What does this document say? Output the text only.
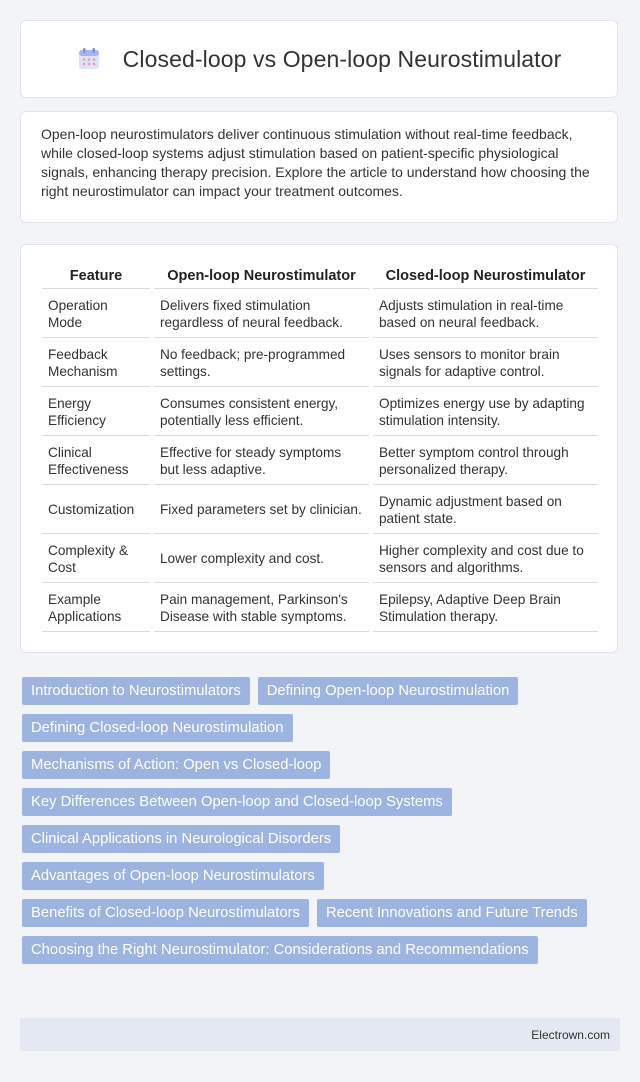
Closed-loop vs Open-loop Neurostimulator

Open-loop neurostimulators deliver continuous stimulation without real-time feedback, while closed-loop systems adjust stimulation based on patient-specific physiological signals, enhancing therapy precision. Explore the article to understand how choosing the right neurostimulator can impact your treatment outcomes.

Feature		Open-loop Neurostimulator		Closed-loop Neurostimulator
Operation Mode		Delivers fixed stimulation regardless of neural feedback.		Adjusts stimulation in real-time based on neural feedback.
Feedback Mechanism		No feedback; pre-programmed settings.		Uses sensors to monitor brain signals for adaptive control.
Energy Efficiency		Consumes consistent energy, potentially less efficient.		Optimizes energy use by adapting stimulation intensity.
Clinical Effectiveness		Effective for steady symptoms but less adaptive.		Better symptom control through personalized therapy.
Customization		Fixed parameters set by clinician.		Dynamic adjustment based on patient state.
Complexity & Cost		Lower complexity and cost.		Higher complexity and cost due to sensors and algorithms.
Example Applications		Pain management, Parkinson's Disease with stable symptoms.		Epilepsy, Adaptive Deep Brain Stimulation therapy.
Introduction to Neurostimulators	Defining Open-loop Neurostimulation
Defining Closed-loop Neurostimulation
Mechanisms of Action: Open vs Closed-loop
Key Differences Between Open-loop and Closed-loop Systems
Clinical Applications in Neurological Disorders
Advantages of Open-loop Neurostimulators
Benefits of Closed-loop Neurostimulators	Recent Innovations and Future Trends
Choosing the Right Neurostimulator: Considerations and Recommendations
Electrown.com
